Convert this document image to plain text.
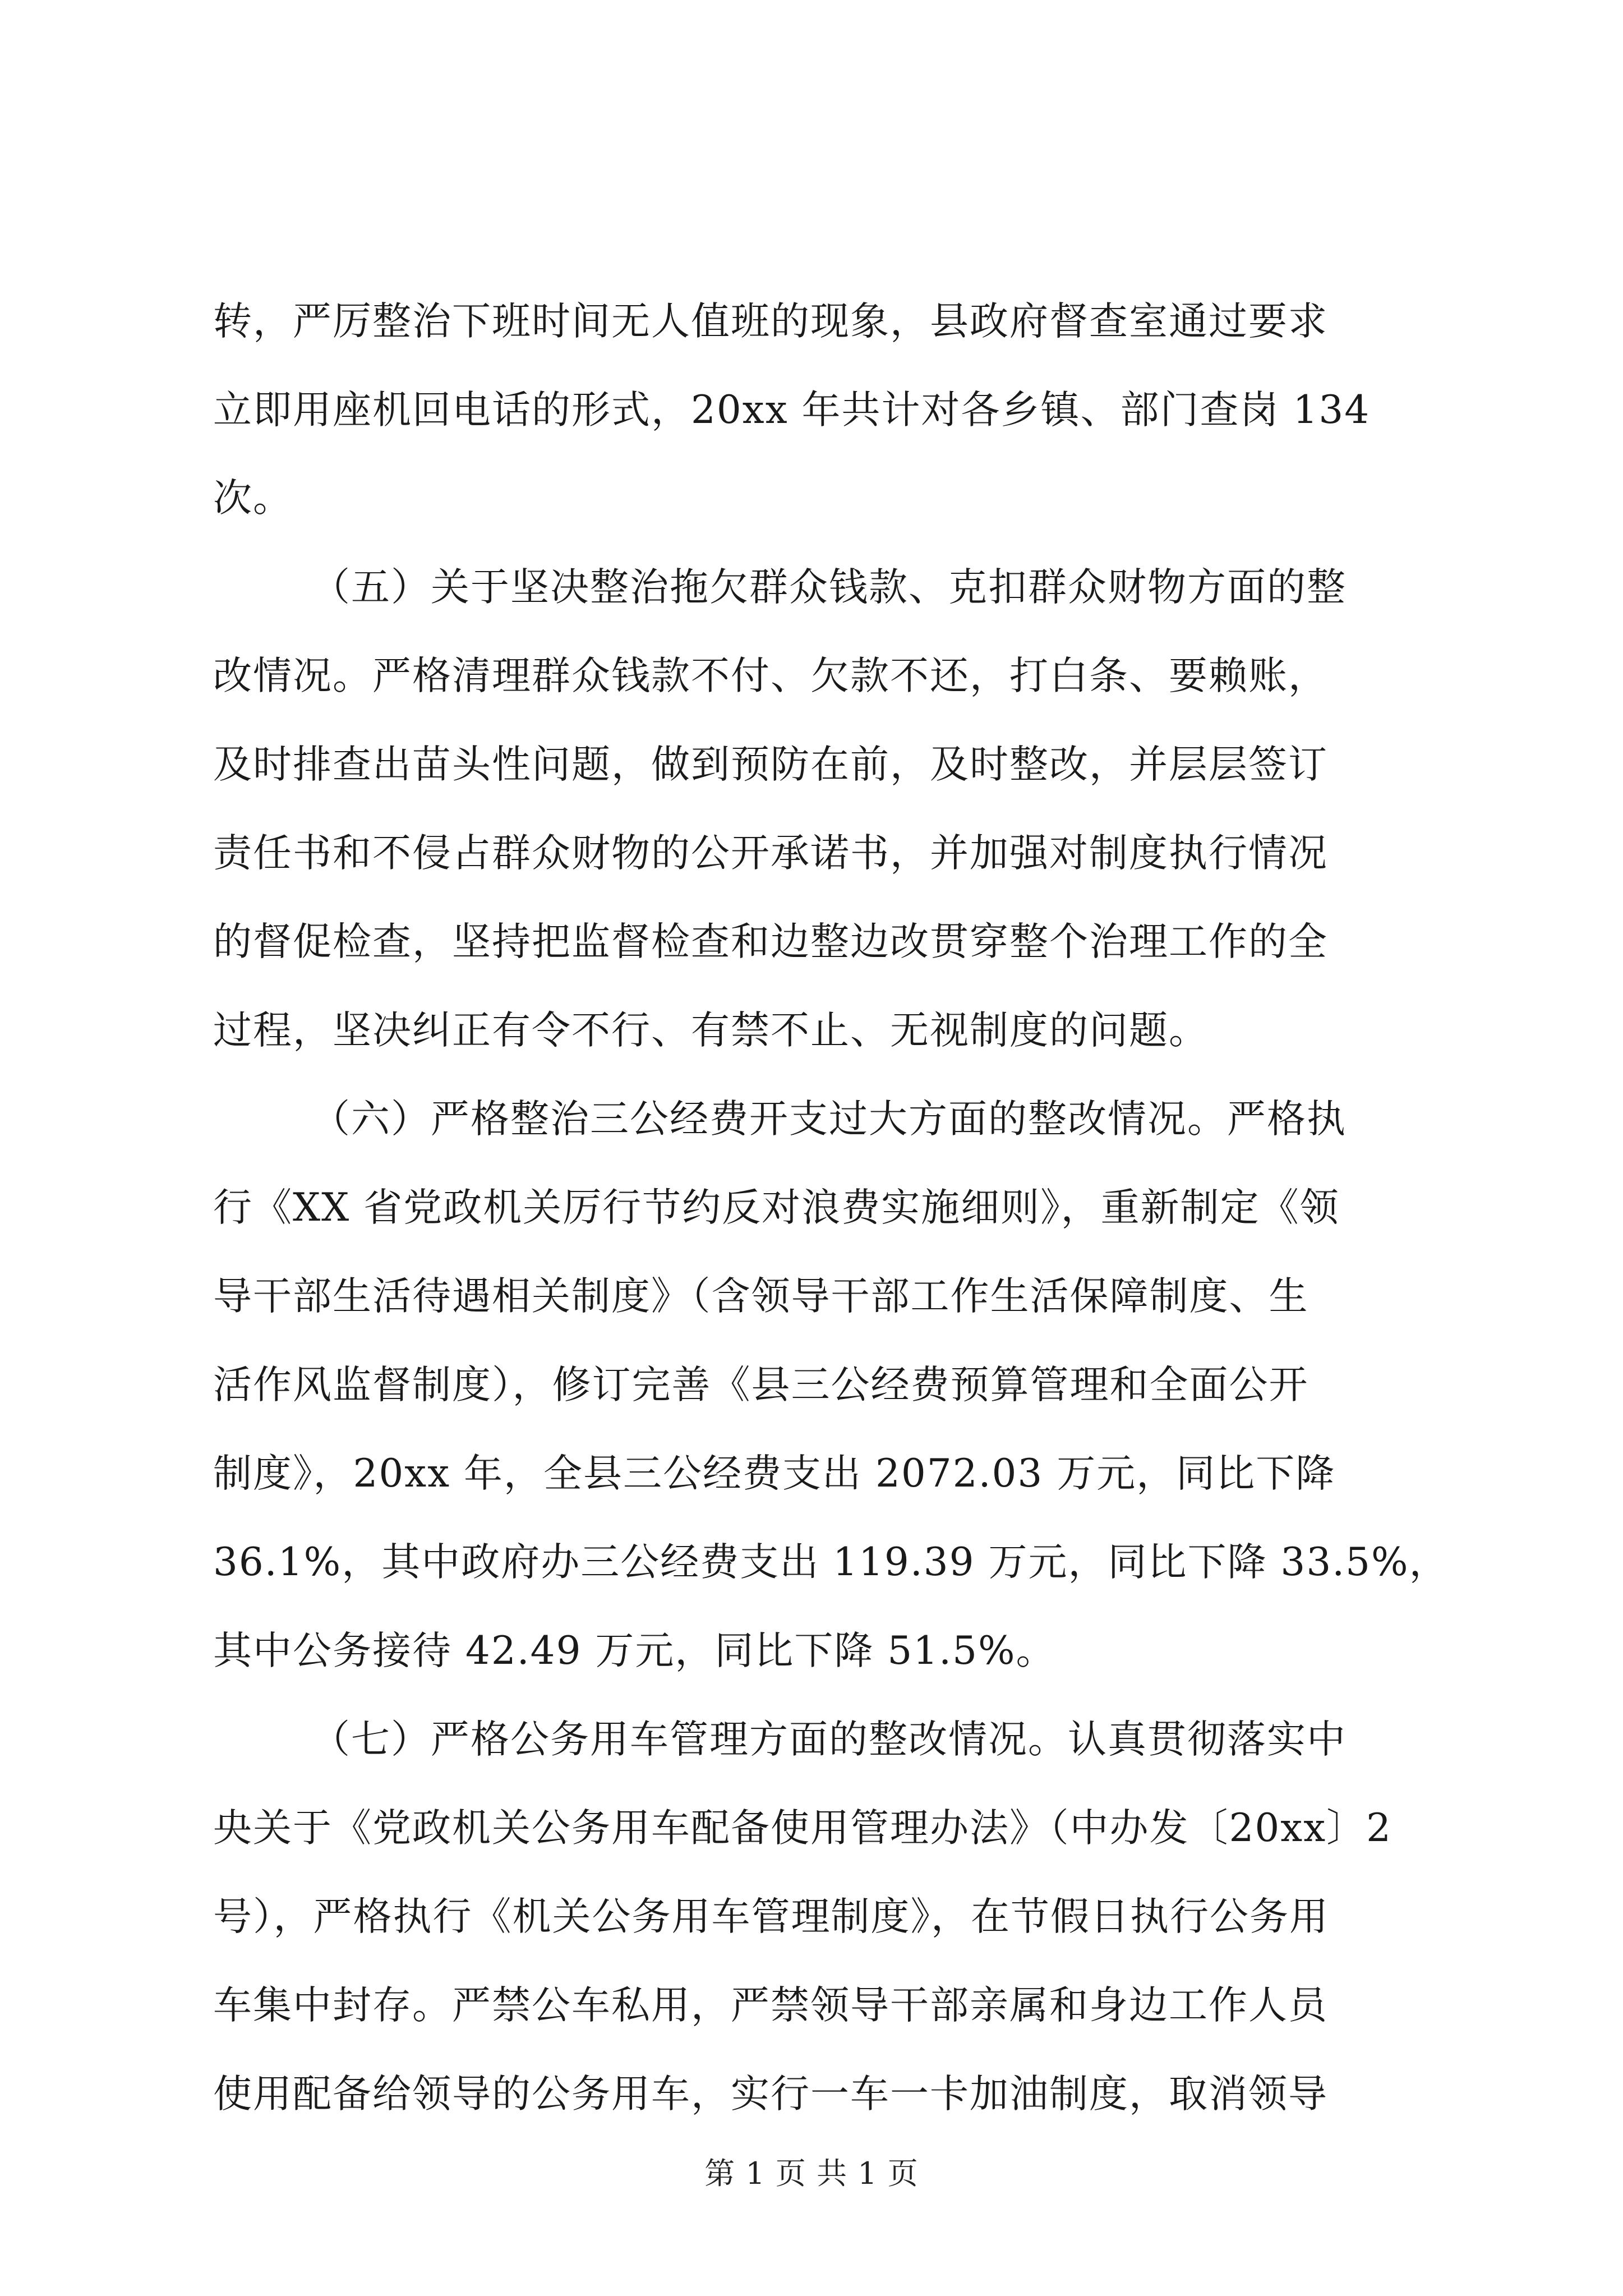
转，严厉整治下班时间无人值班的现象，县政府督查室通过要求
立即用座机回电话的形式，20xx 年共计对各乡镇、部门查岗 134
次。
（五）关于坚决整治拖欠群众钱款、克扣群众财物方面的整
改情况。严格清理群众钱款不付、欠款不还，打白条、要赖账，
及时排查出苗头性问题，做到预防在前，及时整改，并层层签订
责任书和不侵占群众财物的公开承诺书，并加强对制度执行情况
的督促检查，坚持把监督检查和边整边改贯穿整个治理工作的全
过程，坚决纠正有令不行、有禁不止、无视制度的问题。
（六）严格整治三公经费开支过大方面的整改情况。严格执
行《XX 省党政机关厉行节约反对浪费实施细则》，重新制定《领
导干部生活待遇相关制度》（含领导干部工作生活保障制度、生
活作风监督制度），修订完善《县三公经费预算管理和全面公开
制度》，20xx 年，全县三公经费支出 2072.03 万元，同比下降
36.1%，其中政府办三公经费支出 119.39 万元，同比下降 33.5%，
其中公务接待 42.49 万元，同比下降 51.5%。
（七）严格公务用车管理方面的整改情况。认真贯彻落实中
央关于《党政机关公务用车配备使用管理办法》（中办发〔20xx〕2
号），严格执行《机关公务用车管理制度》，在节假日执行公务用
车集中封存。严禁公车私用，严禁领导干部亲属和身边工作人员
使用配备给领导的公务用车，实行一车一卡加油制度，取消领导
第 1 页 共 1 页
